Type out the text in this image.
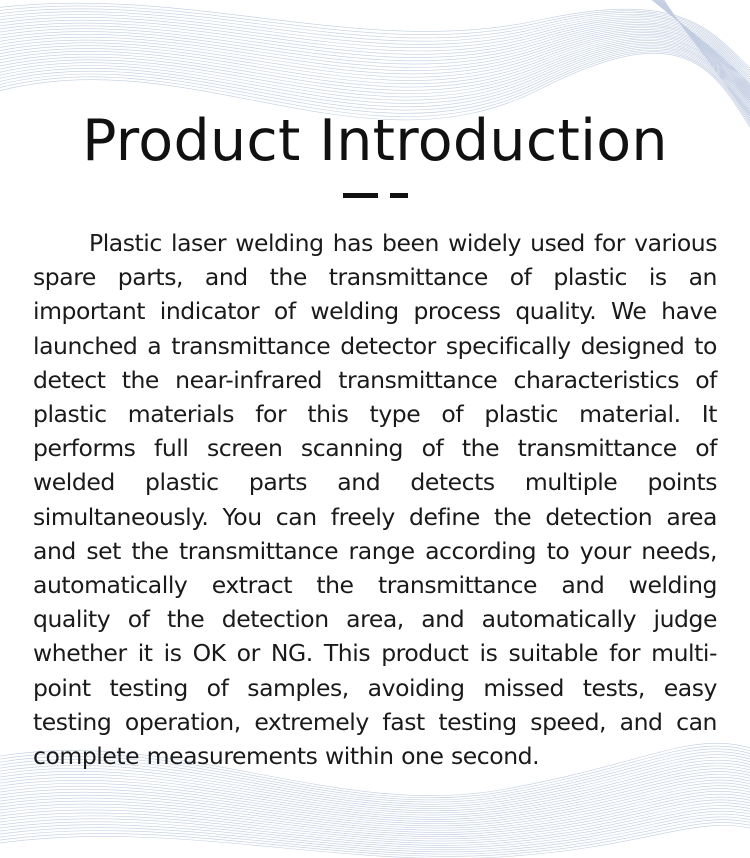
Product Introduction

Plastic laser welding has been widely used for various spare parts, and the transmittance of plastic is an important indicator of welding process quality. We have launched a transmittance detector specifically designed to detect the near-infrared transmittance characteristics of plastic materials for this type of plastic material. It performs full screen scanning of the transmittance of welded plastic parts and detects multiple points simultaneously. You can freely define the detection area and set the transmittance range according to your needs, automatically extract the transmittance and welding quality of the detection area, and automatically judge whether it is OK or NG. This product is suitable for multi-point testing of samples, avoiding missed tests, easy testing operation, extremely fast testing speed, and can complete measurements within one second.
